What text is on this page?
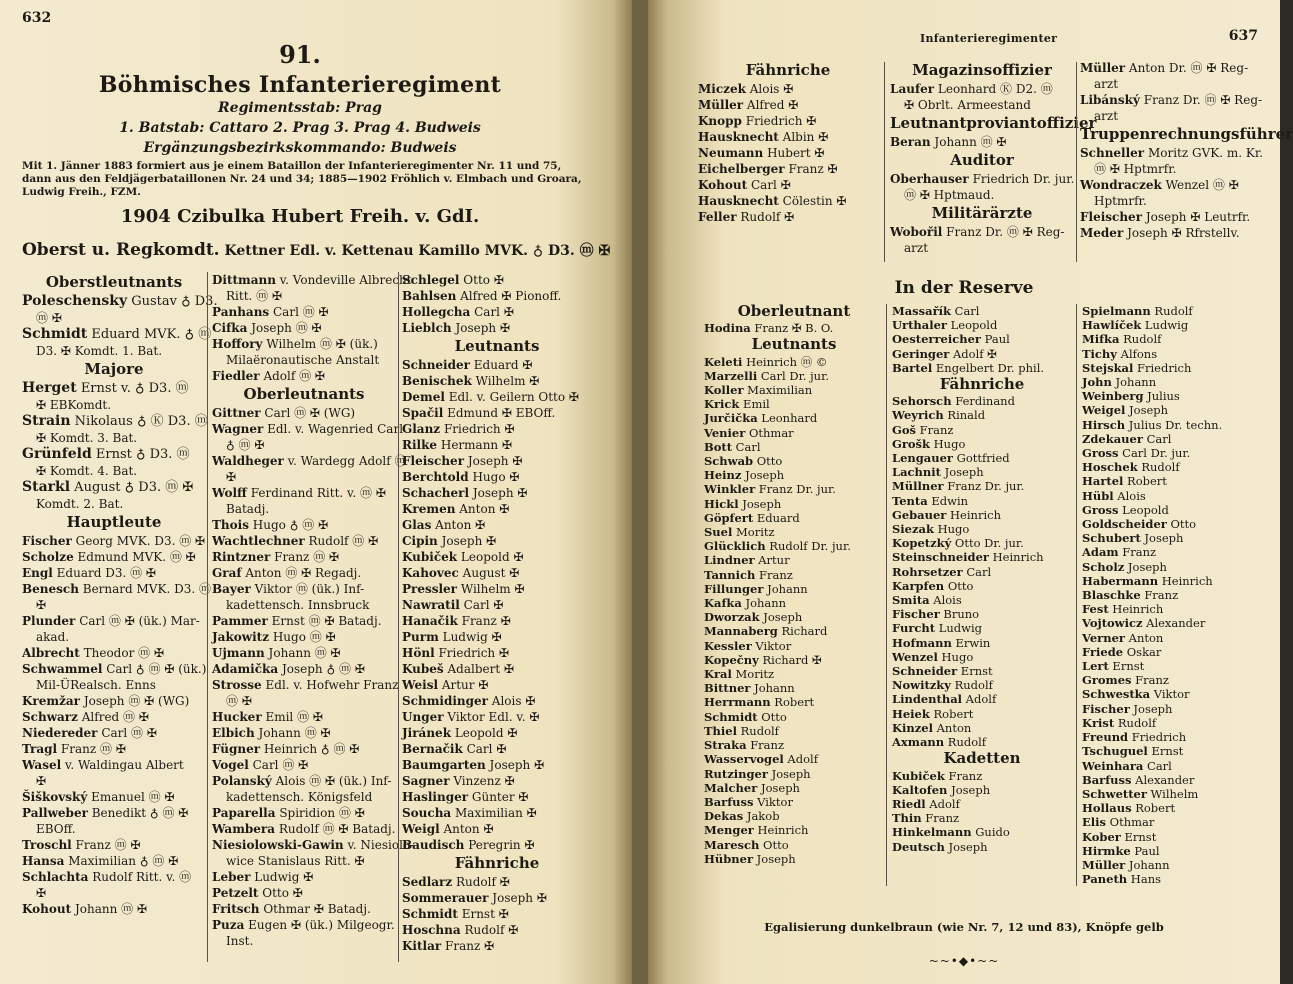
632
91.
Böhmisches Infanterieregiment
Regimentsstab: Prag
1. Batstab: Cattaro 2. Prag 3. Prag 4. Budweis
Ergänzungsbezirkskommando: Budweis
Mit 1. Jänner 1883 formiert aus je einem Bataillon der Infanterieregimenter Nr. 11 und 75, dann aus den Feldjägerbataillonen Nr. 24 und 34; 1885—1902 Fröhlich v. Elmbach und Groara, Ludwig Freih., FZM.
1904 Czibulka Hubert Freih. v. GdI.
Oberst u. Regkomdt. Kettner Edl. v. Kettenau Kamillo MVK. ♁ D3. ⓜ ✠
Oberstleutnants
Poleschensky Gustav ♁ D3.
ⓜ ✠
Schmidt Eduard MVK. ♁ ⓜ
D3. ✠ Komdt. 1. Bat.
Majore
Herget Ernst v. ♁ D3. ⓜ
✠ EBKomdt.
Strain Nikolaus ♁ Ⓚ D3. ⓜ
✠ Komdt. 3. Bat.
Grünfeld Ernst ♁ D3. ⓜ
✠ Komdt. 4. Bat.
Starkl August ♁ D3. ⓜ ✠
Komdt. 2. Bat.
Hauptleute
Fischer Georg MVK. D3. ⓜ ✠
Scholze Edmund MVK. ⓜ ✠
Engl Eduard D3. ⓜ ✠
Benesch Bernard MVK. D3. ⓜ
✠
Plunder Carl ⓜ ✠ (ük.) Mar-
akad.
Albrecht Theodor ⓜ ✠
Schwammel Carl ♁ ⓜ ✠ (ük.)
Mil-ÜRealsch. Enns
Kremžar Joseph ⓜ ✠ (WG)
Schwarz Alfred ⓜ ✠
Niedereder Carl ⓜ ✠
Tragl Franz ⓜ ✠
Wasel v. Waldingau Albert
✠
Šiškovský Emanuel ⓜ ✠
Pallweber Benedikt ♁ ⓜ ✠
EBOff.
Troschl Franz ⓜ ✠
Hansa Maximilian ♁ ⓜ ✠
Schlachta Rudolf Ritt. v. ⓜ
✠
Kohout Johann ⓜ ✠
Dittmann v. Vondeville Albrecht
Ritt. ⓜ ✠
Panhans Carl ⓜ ✠
Cifka Joseph ⓜ ✠
Hoffory Wilhelm ⓜ ✠ (ük.)
Milaëronautische Anstalt
Fiedler Adolf ⓜ ✠
Oberleutnants
Gittner Carl ⓜ ✠ (WG)
Wagner Edl. v. Wagenried Carl
♁ ⓜ ✠
Waldheger v. Wardegg Adolf ⓜ
✠
Wolff Ferdinand Ritt. v. ⓜ ✠
Batadj.
Thois Hugo ♁ ⓜ ✠
Wachtlechner Rudolf ⓜ ✠
Rintzner Franz ⓜ ✠
Graf Anton ⓜ ✠ Regadj.
Bayer Viktor ⓜ (ük.) Inf-
kadettensch. Innsbruck
Pammer Ernst ⓜ ✠ Batadj.
Jakowitz Hugo ⓜ ✠
Ujmann Johann ⓜ ✠
Adamička Joseph ♁ ⓜ ✠
Strosse Edl. v. Hofwehr Franz
ⓜ ✠
Hucker Emil ⓜ ✠
Elbich Johann ⓜ ✠
Fügner Heinrich ♁ ⓜ ✠
Vogel Carl ⓜ ✠
Polanský Alois ⓜ ✠ (ük.) Inf-
kadettensch. Königsfeld
Paparella Spiridion ⓜ ✠
Wambera Rudolf ⓜ ✠ Batadj.
Niesiolowski-Gawin v. Niesiolo-
wice Stanislaus Ritt. ✠
Leber Ludwig ✠
Petzelt Otto ✠
Fritsch Othmar ✠ Batadj.
Puza Eugen ✠ (ük.) Milgeogr.
Inst.
Schlegel Otto ✠
Bahlsen Alfred ✠ Pionoff.
Hollegcha Carl ✠
Lieblch Joseph ✠
Leutnants
Schneider Eduard ✠
Benischek Wilhelm ✠
Demel Edl. v. Geilern Otto ✠
Spačil Edmund ✠ EBOff.
Glanz Friedrich ✠
Rilke Hermann ✠
Fleischer Joseph ✠
Berchtold Hugo ✠
Schacherl Joseph ✠
Kremen Anton ✠
Glas Anton ✠
Cipin Joseph ✠
Kubiček Leopold ✠
Kahovec August ✠
Pressler Wilhelm ✠
Nawratil Carl ✠
Hanačik Franz ✠
Purm Ludwig ✠
Hönl Friedrich ✠
Kubeš Adalbert ✠
Weisl Artur ✠
Schmidinger Alois ✠
Unger Viktor Edl. v. ✠
Jiránek Leopold ✠
Bernačik Carl ✠
Baumgarten Joseph ✠
Sagner Vinzenz ✠
Haslinger Günter ✠
Soucha Maximilian ✠
Weigl Anton ✠
Baudisch Peregrin ✠
Fähnriche
Sedlarz Rudolf ✠
Sommerauer Joseph ✠
Schmidt Ernst ✠
Hoschna Rudolf ✠
Kitlar Franz ✠
Infanterieregimenter	637
Fähnriche
Miczek Alois ✠
Müller Alfred ✠
Knopp Friedrich ✠
Hausknecht Albin ✠
Neumann Hubert ✠
Eichelberger Franz ✠
Kohout Carl ✠
Hausknecht Cölestin ✠
Feller Rudolf ✠
Magazinsoffizier
Laufer Leonhard Ⓚ D2. ⓜ
✠ Obrlt. Armeestand
Leutnantproviantoffizier
Beran Johann ⓜ ✠
Auditor
Oberhauser Friedrich Dr. jur.
ⓜ ✠ Hptmaud.
Militärärzte
Wobořil Franz Dr. ⓜ ✠ Reg-
arzt
Müller Anton Dr. ⓜ ✠ Reg-
arzt
Libánský Franz Dr. ⓜ ✠ Reg-
arzt
Truppenrechnungsführer
Schneller Moritz GVK. m. Kr.
ⓜ ✠ Hptmrfr.
Wondraczek Wenzel ⓜ ✠
Hptmrfr.
Fleischer Joseph ✠ Leutrfr.
Meder Joseph ✠ Rfrstellv.
In der Reserve
Oberleutnant
Hodina Franz ✠ B. O.
Leutnants
Keleti Heinrich ⓜ ©
Marzelli Carl Dr. jur.
Koller Maximilian
Krick Emil
Jurčička Leonhard
Venier Othmar
Bott Carl
Schwab Otto
Heinz Joseph
Winkler Franz Dr. jur.
Hickl Joseph
Göpfert Eduard
Suel Moritz
Glücklich Rudolf Dr. jur.
Lindner Artur
Tannich Franz
Fillunger Johann
Kafka Johann
Dworzak Joseph
Mannaberg Richard
Kessler Viktor
Kopečny Richard ✠
Kral Moritz
Bittner Johann
Herrmann Robert
Schmidt Otto
Thiel Rudolf
Straka Franz
Wasservogel Adolf
Rutzinger Joseph
Malcher Joseph
Barfuss Viktor
Dekas Jakob
Menger Heinrich
Maresch Otto
Hübner Joseph
Massařík Carl
Urthaler Leopold
Oesterreicher Paul
Geringer Adolf ✠
Bartel Engelbert Dr. phil.
Fähnriche
Sehorsch Ferdinand
Weyrich Rinald
Goš Franz
Grošk Hugo
Lengauer Gottfried
Lachnit Joseph
Müllner Franz Dr. jur.
Tenta Edwin
Gebauer Heinrich
Siezak Hugo
Kopetzký Otto Dr. jur.
Steinschneider Heinrich
Rohrsetzer Carl
Karpfen Otto
Smita Alois
Fischer Bruno
Furcht Ludwig
Hofmann Erwin
Wenzel Hugo
Schneider Ernst
Nowitzky Rudolf
Lindenthal Adolf
Heiek Robert
Kinzel Anton
Axmann Rudolf
Kadetten
Kubiček Franz
Kaltofen Joseph
Riedl Adolf
Thin Franz
Hinkelmann Guido
Deutsch Joseph
Spielmann Rudolf
Hawlíček Ludwig
Mifka Rudolf
Tichy Alfons
Stejskal Friedrich
John Johann
Weinberg Julius
Weigel Joseph
Hirsch Julius Dr. techn.
Zdekauer Carl
Gross Carl Dr. jur.
Hoschek Rudolf
Hartel Robert
Hübl Alois
Gross Leopold
Goldscheider Otto
Schubert Joseph
Adam Franz
Scholz Joseph
Habermann Heinrich
Blaschke Franz
Fest Heinrich
Vojtowicz Alexander
Verner Anton
Friede Oskar
Lert Ernst
Gromes Franz
Schwestka Viktor
Fischer Joseph
Krist Rudolf
Freund Friedrich
Tschuguel Ernst
Weinhara Carl
Barfuss Alexander
Schwetter Wilhelm
Hollaus Robert
Elis Othmar
Kober Ernst
Hirmke Paul
Müller Johann
Paneth Hans
Egalisierung dunkelbraun (wie Nr. 7, 12 und 83), Knöpfe gelb
~~•◆•~~
